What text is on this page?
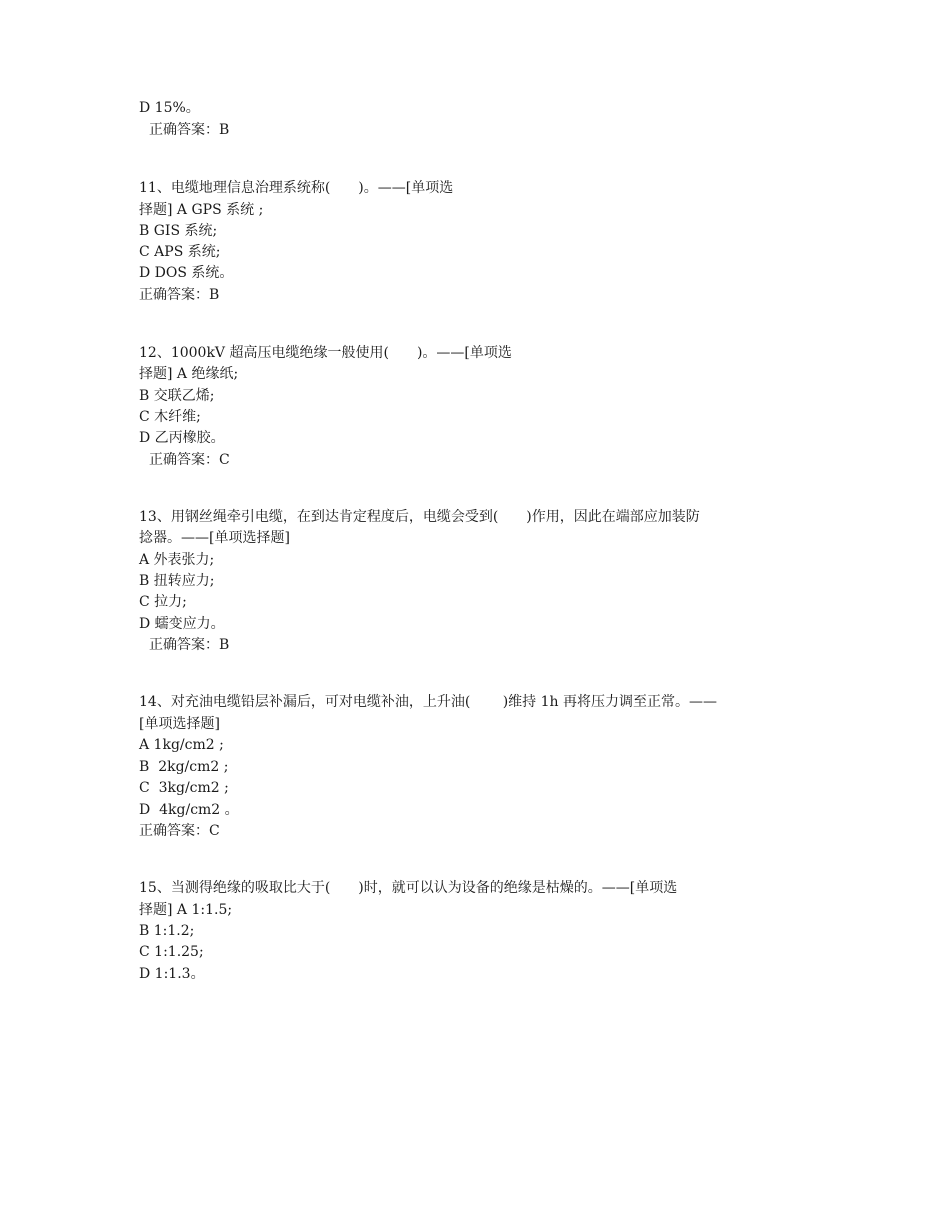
D 15%。
正确答案：B
11、电缆地理信息治理系统称(　　)。——[单项选
择题] A GPS 系统 ;
B GIS 系统;
C APS 系统;
D DOS 系统。
正确答案：B
12、1000kV 超高压电缆绝缘一般使用(　　)。——[单项选
择题] A 绝缘纸;
B 交联乙烯;
C 木纤维;
D 乙丙橡胶。
正确答案：C
13、用钢丝绳牵引电缆，在到达肯定程度后，电缆会受到(　　)作用，因此在端部应加装防
捻器。——[单项选择题]
A 外表张力;
B 扭转应力;
C 拉力;
D 蠕变应力。
正确答案：B
14、对充油电缆铅层补漏后，可对电缆补油，上升油(　　 )维持 1h 再将压力调至正常。——
[单项选择题]
A 1kg/cm2 ;
B  2kg/cm2 ;
C  3kg/cm2 ;
D  4kg/cm2 。
正确答案：C
15、当测得绝缘的吸取比大于(　　)时，就可以认为设备的绝缘是枯燥的。——[单项选
择题] A 1:1.5;
B 1:1.2;
C 1:1.25;
D 1:1.3。
